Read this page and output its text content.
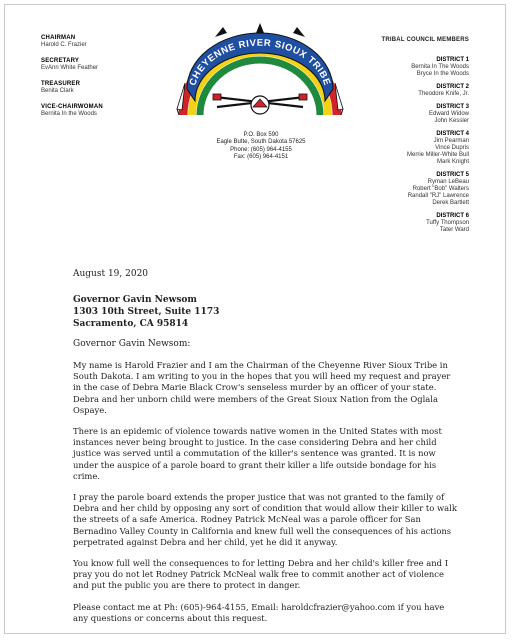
CHAIRMAN
Harold C. Frazier
SECRETARY
EvAnn White Feather
TREASURER
Benita Clark
VICE-CHAIRWOMAN
Bernita In the Woods
CHEYENNE RIVER SIOUX TRIBE
P.O. Box 590
Eagle Butte, South Dakota 57625
Phone: (605) 964-4155
Fax: (605) 964-4151
TRIBAL COUNCIL MEMBERS
DISTRICT 1
Bernita In The Woods
Bryce In the Woods
DISTRICT 2
Theodore Knife, Jr.
DISTRICT 3
Edward Widow
John Kessler
DISTRICT 4
Jim Pearman
Vince Dupris
Merrie Miller-White Bull
Mark Knight
DISTRICT 5
Ryman LeBeau
Robert "Bob" Walters
Randall "RJ" Lawrence
Derek Bartlett
DISTRICT 6
Tuffy Thompson
Tater Ward
August 19, 2020
Governor Gavin Newsom
1303 10th Street, Suite 1173
Sacramento, CA 95814
Governor Gavin Newsom:

My name is Harold Frazier and I am the Chairman of the Cheyenne River Sioux Tribe in South Dakota. I am writing to you in the hopes that you will heed my request and prayer in the case of Debra Marie Black Crow's senseless murder by an officer of your state. Debra and her unborn child were members of the Great Sioux Nation from the Oglala Ospaye.

There is an epidemic of violence towards native women in the United States with most instances never being brought to justice. In the case considering Debra and her child justice was served until a commutation of the killer's sentence was granted. It is now under the auspice of a parole board to grant their killer a life outside bondage for his crime.

I pray the parole board extends the proper justice that was not granted to the family of Debra and her child by opposing any sort of condition that would allow their killer to walk the streets of a safe America. Rodney Patrick McNeal was a parole officer for San Bernadino Valley County in California and knew full well the consequences of his actions perpetrated against Debra and her child, yet he did it anyway.

You know full well the consequences to for letting Debra and her child's killer free and I pray you do not let Rodney Patrick McNeal walk free to commit another act of violence and put the public you are there to protect in danger.

Please contact me at Ph: (605)-964-4155, Email: haroldcfrazier@yahoo.com if you have any questions or concerns about this request.
